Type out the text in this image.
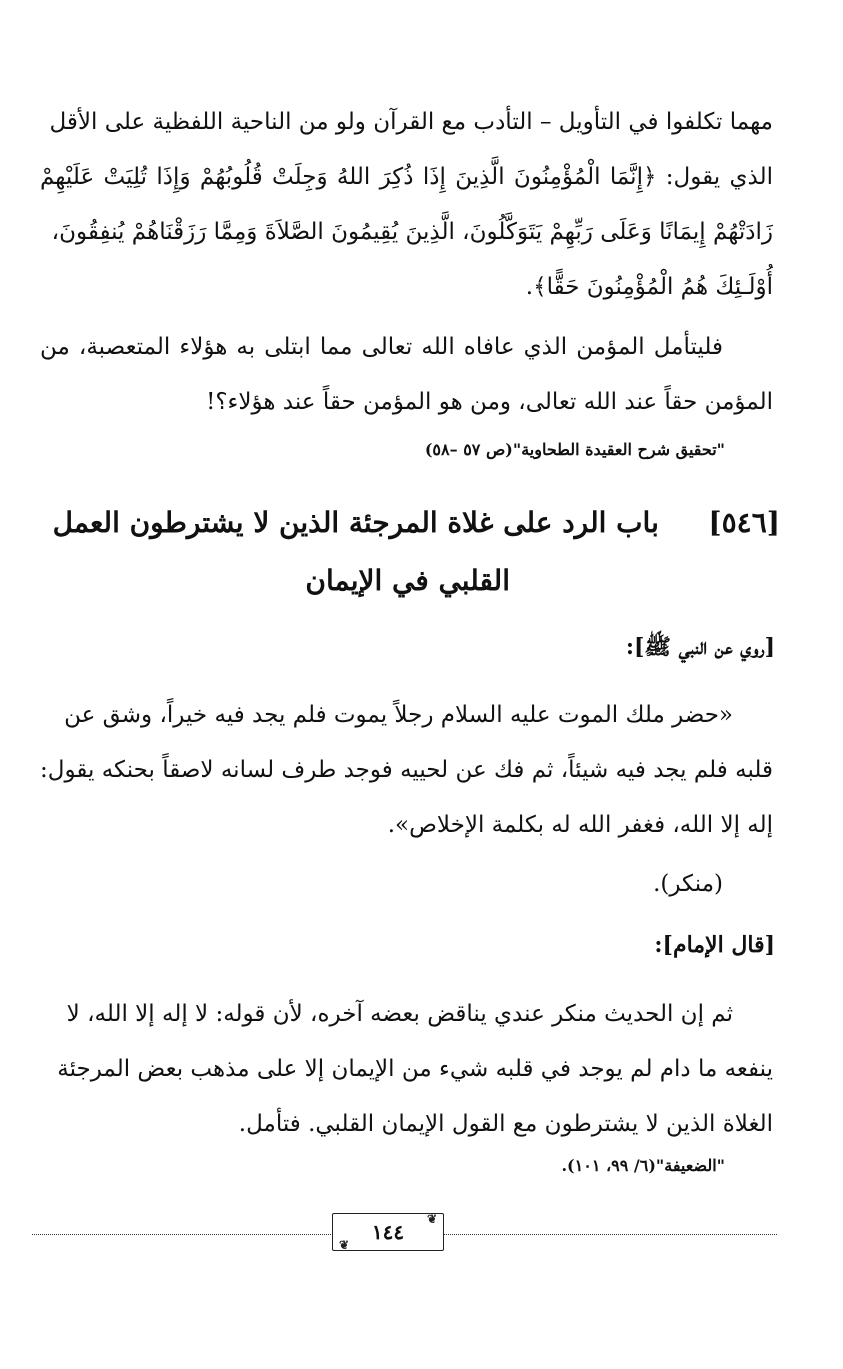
مهما تكلفوا في التأويل – التأدب مع القرآن ولو من الناحية اللفظية على الأقل
الذي يقول: ﴿إِنَّمَا الْمُؤْمِنُونَ الَّذِينَ إِذَا ذُكِرَ اللهُ وَجِلَتْ قُلُوبُهُمْ وَإِذَا تُلِيَتْ عَلَيْهِمْ
زَادَتْهُمْ إِيمَانًا وَعَلَى رَبِّهِمْ يَتَوَكَّلُونَ، الَّذِينَ يُقِيمُونَ الصَّلاَةَ وَمِمَّا رَزَقْنَاهُمْ يُنفِقُونَ،
أُوْلَـئِكَ هُمُ الْمُؤْمِنُونَ حَقًّا﴾.
فليتأمل المؤمن الذي عافاه الله تعالى مما ابتلى به هؤلاء المتعصبة، من
المؤمن حقاً عند الله تعالى، ومن هو المؤمن حقاً عند هؤلاء؟!
"تحقيق شرح العقيدة الطحاوية"(ص ٥٧ –٥٨)
[٥٤٦]  باب الرد على غلاة المرجئة الذين لا يشترطون العمل
القلبي في الإيمان
[روي عن النبي ﷺ]:
«حضر ملك الموت عليه السلام رجلاً يموت فلم يجد فيه خيراً، وشق عن
قلبه فلم يجد فيه شيئاً، ثم فك عن لحييه فوجد طرف لسانه لاصقاً بحنكه يقول:
إله إلا الله، فغفر الله له بكلمة الإخلاص».
(منكر).
[قال الإمام]:
ثم إن الحديث منكر عندي يناقض بعضه آخره، لأن قوله: لا إله إلا الله، لا
ينفعه ما دام لم يوجد في قلبه شيء من الإيمان إلا على مذهب بعض المرجئة
الغلاة الذين لا يشترطون مع القول الإيمان القلبي. فتأمل.
"الضعيفة"(٦/ ٩٩، ١٠١).
❦
١٤٤
❦
